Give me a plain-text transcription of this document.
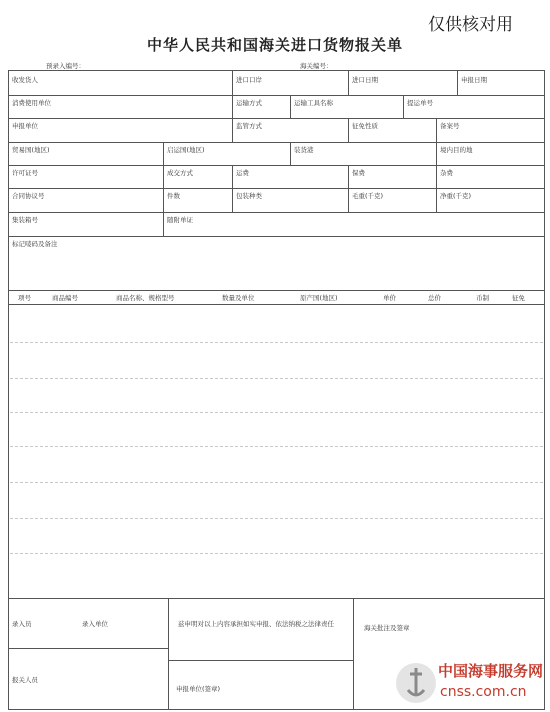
仅供核对用
中华人民共和国海关进口货物报关单
预录入编号：	海关编号：
收发货人	进口口岸	进口日期	申报日期
消费使用单位	运输方式	运输工具名称	提运单号
申报单位	监管方式	征免性质	备案号
贸易国(地区)	启运国(地区)	装货港	境内目的地
许可证号	成交方式	运费	保费	杂费
合同协议号	件数	包装种类	毛重(千克)	净重(千克)
集装箱号	随附单证
标记唛码及备注
项号	商品编号	商品名称、规格型号	数量及单位	原产国(地区)	单价	总价	币制	征免
录入员	录入单位	兹申明对以上内容承担如实申报、依法纳税之法律责任	海关批注及签章
报关人员
申报单位(签章)
中国海事服务网
cnss.com.cn
